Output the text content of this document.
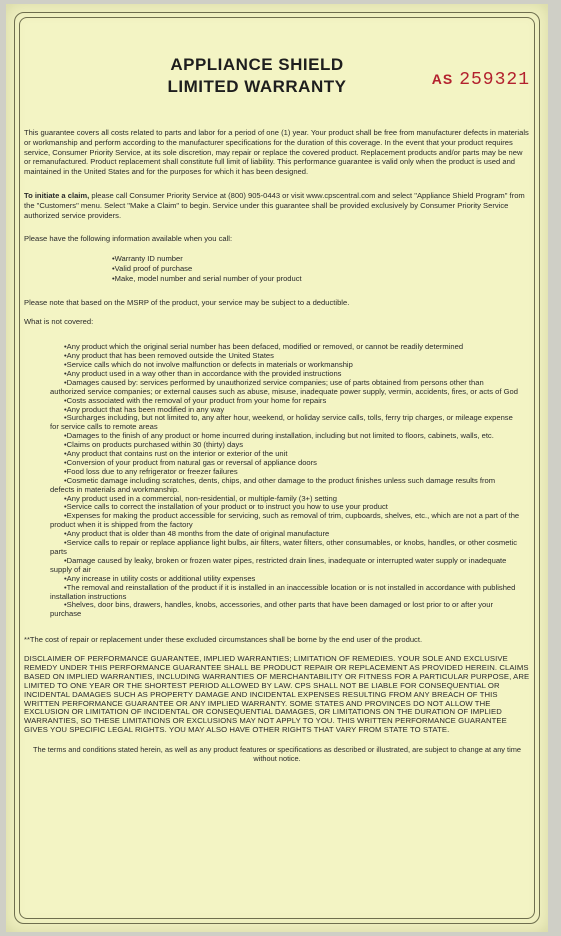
AS 259321
APPLIANCE SHIELD
LIMITED WARRANTY

This guarantee covers all costs related to parts and labor for a period of one (1) year. Your product shall be free from manufacturer defects in materials or workmanship and perform according to the manufacturer specifications for the duration of this coverage. In the event that your product requires service, Consumer Priority Service, at its sole discretion, may repair or replace the covered product. Replacement products and/or parts may be new or remanufactured. Product replacement shall constitute full limit of liability. This performance guarantee is valid only when the product is used and maintained in the United States and for the purposes for which it has been designed.

To initiate a claim, please call Consumer Priority Service at (800) 905-0443 or visit www.cpscentral.com and select "Appliance Shield Program" from the "Customers" menu. Select "Make a Claim" to begin. Service under this guarantee shall be provided exclusively by Consumer Priority Service authorized service providers.

Please have the following information available when you call:

• Warranty ID number
• Valid proof of purchase
• Make, model number and serial number of your product

Please note that based on the MSRP of the product, your service may be subject to a deductible.

What is not covered:

• Any product which the original serial number has been defaced, modified or removed, or cannot be readily determined
• Any product that has been removed outside the United States
• Service calls which do not involve malfunction or defects in materials or workmanship
• Any product used in a way other than in accordance with the provided instructions
• Damages caused by: services performed by unauthorized service companies; use of parts obtained from persons other than authorized service companies; or external causes such as abuse, misuse, inadequate power supply, vermin, accidents, fires, or acts of God
• Costs associated with the removal of your product from your home for repairs
• Any product that has been modified in any way
• Surcharges including, but not limited to, any after hour, weekend, or holiday service calls, tolls, ferry trip charges, or mileage expense for service calls to remote areas
• Damages to the finish of any product or home incurred during installation, including but not limited to floors, cabinets, walls, etc.
• Claims on products purchased within 30 (thirty) days
• Any product that contains rust on the interior or exterior of the unit
• Conversion of your product from natural gas or reversal of appliance doors
• Food loss due to any refrigerator or freezer failures
• Cosmetic damage including scratches, dents, chips, and other damage to the product finishes unless such damage results from defects in materials and workmanship.
• Any product used in a commercial, non-residential, or multiple-family (3+) setting
• Service calls to correct the installation of your product or to instruct you how to use your product
• Expenses for making the product accessible for servicing, such as removal of trim, cupboards, shelves, etc., which are not a part of the product when it is shipped from the factory
• Any product that is older than 48 months from the date of original manufacture
• Service calls to repair or replace appliance light bulbs, air filters, water filters, other consumables, or knobs, handles, or other cosmetic parts
• Damage caused by leaky, broken or frozen water pipes, restricted drain lines, inadequate or interrupted water supply or inadequate supply of air
• Any increase in utility costs or additional utility expenses
• The removal and reinstallation of the product if it is installed in an inaccessible location or is not installed in accordance with published installation instructions
• Shelves, door bins, drawers, handles, knobs, accessories, and other parts that have been damaged or lost prior to or after your purchase

**The cost of repair or replacement under these excluded circumstances shall be borne by the end user of the product.

DISCLAIMER OF PERFORMANCE GUARANTEE, IMPLIED WARRANTIES; LIMITATION OF REMEDIES. YOUR SOLE AND EXCLUSIVE REMEDY UNDER THIS PERFORMANCE GUARANTEE SHALL BE PRODUCT REPAIR OR REPLACEMENT AS PROVIDED HEREIN. CLAIMS BASED ON IMPLIED WARRANTIES, INCLUDING WARRANTIES OF MERCHANTABILITY OR FITNESS FOR A PARTICULAR PURPOSE, ARE LIMITED TO ONE YEAR OR THE SHORTEST PERIOD ALLOWED BY LAW. CPS SHALL NOT BE LIABLE FOR CONSEQUENTIAL OR INCIDENTAL DAMAGES SUCH AS PROPERTY DAMAGE AND INCIDENTAL EXPENSES RESULTING FROM ANY BREACH OF THIS WRITTEN PERFORMANCE GUARANTEE OR ANY IMPLIED WARRANTY. SOME STATES AND PROVINCES DO NOT ALLOW THE EXCLUSION OR LIMITATION OF INCIDENTAL OR CONSEQUENTIAL DAMAGES, OR LIMITATIONS ON THE DURATION OF IMPLIED WARRANTIES, SO THESE LIMITATIONS OR EXCLUSIONS MAY NOT APPLY TO YOU. THIS WRITTEN PERFORMANCE GUARANTEE GIVES YOU SPECIFIC LEGAL RIGHTS. YOU MAY ALSO HAVE OTHER RIGHTS THAT VARY FROM STATE TO STATE.

The terms and conditions stated herein, as well as any product features or specifications as described or illustrated, are subject to change at any time without notice.
